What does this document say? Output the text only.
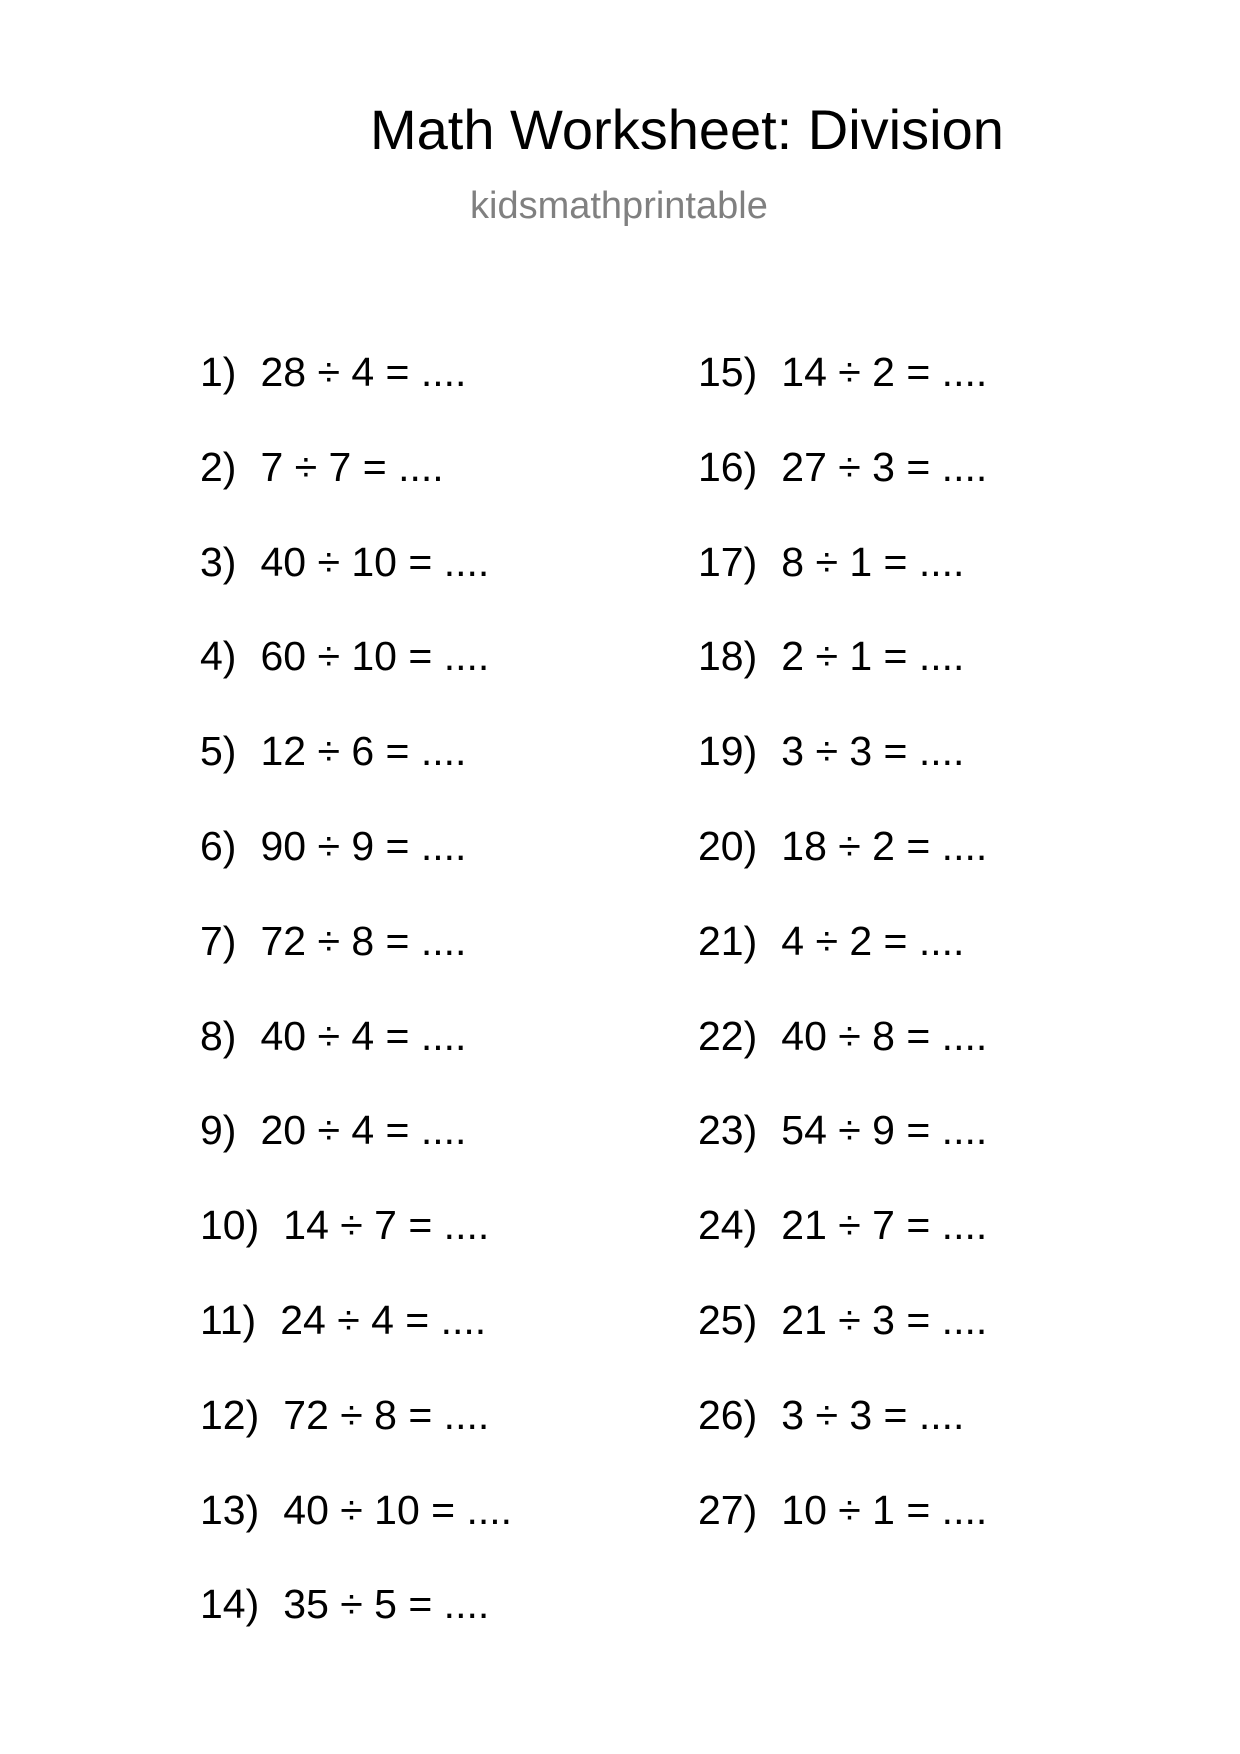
Math Worksheet: Division
kidsmathprintable
1) 28 ÷ 4 = ....
2) 7 ÷ 7 = ....
3) 40 ÷ 10 = ....
4) 60 ÷ 10 = ....
5) 12 ÷ 6 = ....
6) 90 ÷ 9 = ....
7) 72 ÷ 8 = ....
8) 40 ÷ 4 = ....
9) 20 ÷ 4 = ....
10) 14 ÷ 7 = ....
11) 24 ÷ 4 = ....
12) 72 ÷ 8 = ....
13) 40 ÷ 10 = ....
14) 35 ÷ 5 = ....
15) 14 ÷ 2 = ....
16) 27 ÷ 3 = ....
17) 8 ÷ 1 = ....
18) 2 ÷ 1 = ....
19) 3 ÷ 3 = ....
20) 18 ÷ 2 = ....
21) 4 ÷ 2 = ....
22) 40 ÷ 8 = ....
23) 54 ÷ 9 = ....
24) 21 ÷ 7 = ....
25) 21 ÷ 3 = ....
26) 3 ÷ 3 = ....
27) 10 ÷ 1 = ....
